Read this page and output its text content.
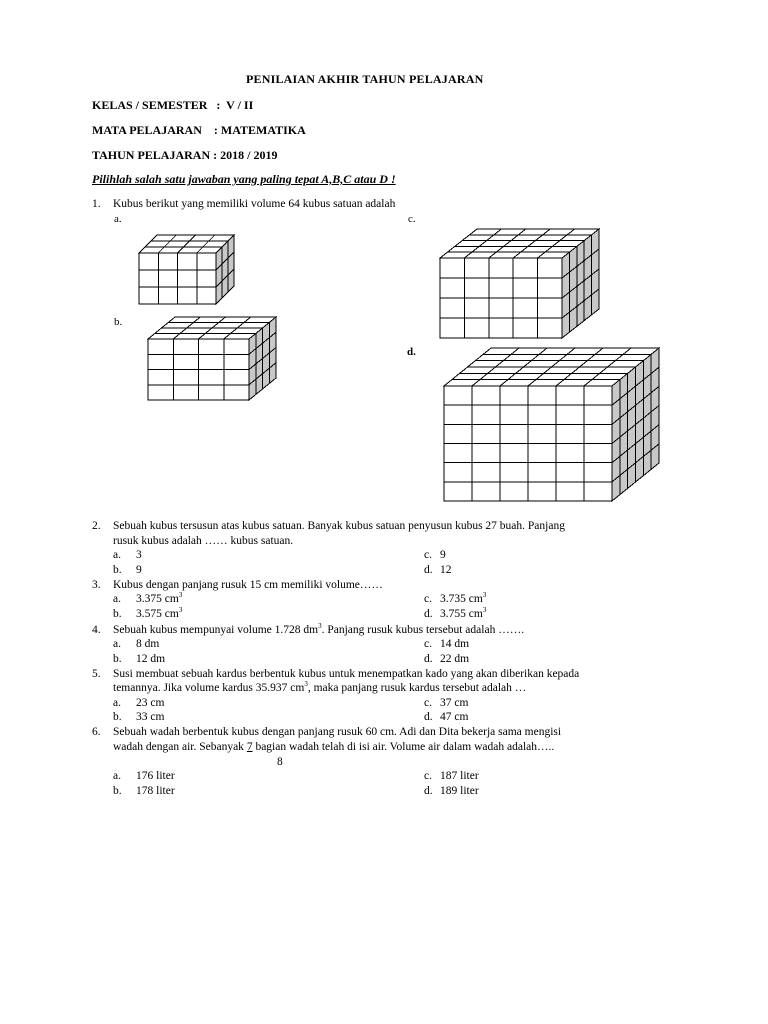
PENILAIAN AKHIR TAHUN PELAJARAN
KELAS / SEMESTER   :  V / II
MATA PELAJARAN    : MATEMATIKA
TAHUN PELAJARAN : 2018 / 2019
Pilihlah salah satu jawaban yang paling tepat A,B,C atau D !
1. Kubus berikut yang memiliki volume 64 kubus satuan adalah
a.
b.
c.
d.
2. Sebuah kubus tersusun atas kubus satuan. Banyak kubus satuan penyusun kubus 27 buah. Panjang
rusuk kubus adalah …… kubus satuan.
a. 3
b. 9
c. 9
d. 12
3. Kubus dengan panjang rusuk 15 cm memiliki volume……
a. 3.375 $cm^3$
b. 3.575 $cm^3$
c. 3.735 $cm^3$
d. 3.755 $cm^3$
4. Sebuah kubus mempunyai volume 1.728 $dm^3$. Panjang rusuk kubus tersebut adalah …….
a. 8 dm
b. 12 dm
c. 14 dm
d. 22 dm
5. Susi membuat sebuah kardus berbentuk kubus untuk menempatkan kado yang akan diberikan kepada
temannya. Jika volume kardus 35.937 $cm^3$, maka panjang rusuk kardus tersebut adalah …
a. 23 cm
b. 33 cm
c. 37 cm
d. 47 cm
6. Sebuah wadah berbentuk kubus dengan panjang rusuk 60 cm. Adi dan Dita bekerja sama mengisi
wadah dengan air. Sebanyak 7 bagian wadah telah di isi air. Volume air dalam wadah adalah…..
8
a. 176 liter
b. 178 liter
c. 187 liter
d. 189 liter
